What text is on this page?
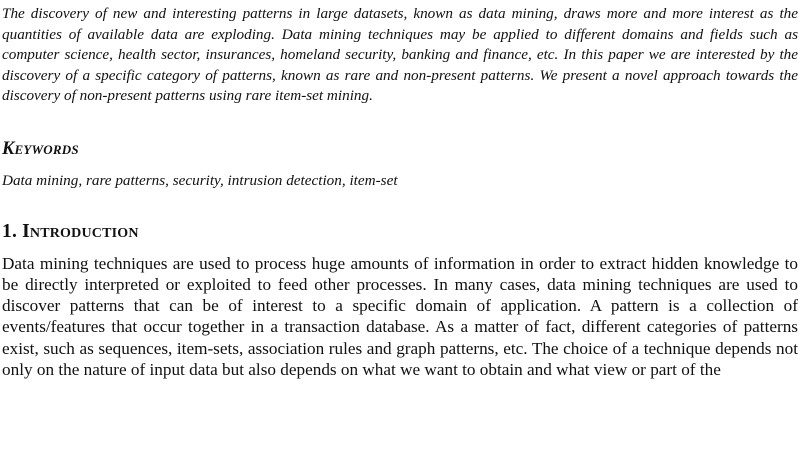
The discovery of new and interesting patterns in large datasets, known as data mining, draws more and more interest as the quantities of available data are exploding. Data mining techniques may be applied to different domains and fields such as computer science, health sector, insurances, homeland security, banking and finance, etc. In this paper we are interested by the discovery of a specific category of patterns, known as rare and non-present patterns. We present a novel approach towards the discovery of non-present patterns using rare item-set mining.

Keywords

Data mining, rare patterns, security, intrusion detection, item-set

1. Introduction

Data mining techniques are used to process huge amounts of information in order to extract hidden knowledge to be directly interpreted or exploited to feed other processes. In many cases, data mining techniques are used to discover patterns that can be of interest to a specific domain of application. A pattern is a collection of events/features that occur together in a transaction database. As a matter of fact, different categories of patterns exist, such as sequences, item-sets, association rules and graph patterns, etc. The choice of a technique depends not only on the nature of input data but also depends on what we want to obtain and what view or part of the
